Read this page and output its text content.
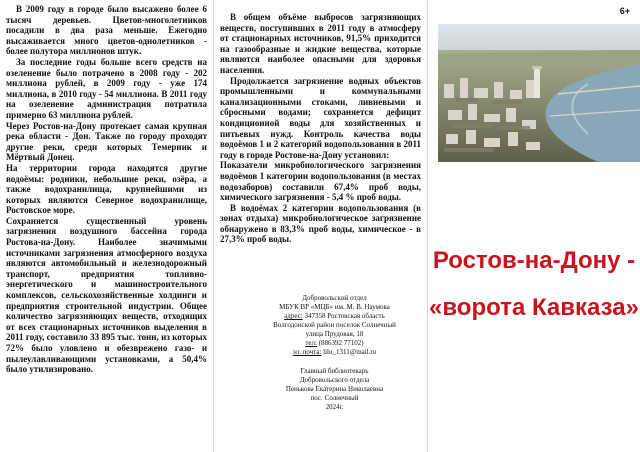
В 2009 году в городе было высажено более 6 тысяч деревьев. Цветов-многолетников посадили в два раза меньше. Ежегодно высаживается много цветов-однолетников - более полутора миллионов штук.

За последние годы больше всего средств на озеленение было потрачено в 2008 году - 202 миллиона рублей, в 2009 году - уже 174 миллиона, в 2010 году - 54 миллиона. В 2011 году на озеленение администрация потратила примерно 63 миллиона рублей.

Через Ростов-на-Дону протекает самая крупная река области - Дон. Также по городу проходят другие реки, среди которых Темерник и Мёртвый Донец.

На территории города находятся другие водоёмы: родники, небольшие реки, озёра, а также водохранилища, крупнейшими из которых являются Северное водохранилище, Ростовское море.

Сохраняется существенный уровень загрязнения воздушного бассейна города Ростова-на-Дону. Наиболее значимыми источниками загрязнения атмосферного воздуха являются автомобильный и железнодорожный транспорт, предприятия топливно-энергетического и машиностроительного комплексов, сельскохозяйственные холдинги и предприятия строительной индустрии. Общее количество загрязняющих веществ, отходящих от всех стационарных источников выделения в 2011 году, составило 33 895 тыс. тонн, из которых 72% было уловлено и обезврежено газо- и пылеулавливающими установками, а 50,4% было утилизировано.

В общем объёме выбросов загрязняющих веществ, поступивших в 2011 году в атмосферу от стационарных источников, 91,5% приходится на газообразные и жидкие вещества, которые являются наиболее опасными для здоровья населения.

Продолжается загрязнение водных объектов промышленными и коммунальными канализационными стоками, ливневыми и сбросными водами; сохраняется дефицит кондиционной воды для хозяйственных и питьевых нужд. Контроль качества воды водоёмов 1 и 2 категорий водопользования в 2011 году в городе Ростове-на-Дону установил:

Показатели микробиологического загрязнения водоёмов 1 категории водопользования (в местах водозаборов) составили 67,4% проб воды, химического загрязнения - 5,4 % проб воды.

В водоёмах 2 категории водопользования (в зонах отдыха) микробиологическое загрязнение обнаружено в 83,3% проб воды, химическое - в 27,3% проб воды.

Добровольский отдел
МБУК ВР «МЦБ» им. М. В. Наумова
адрес: 347358 Ростовская область
Волгодонской район поселок Солнечный
улица Прудовая, 18
тел: (886392 77102)
эл. почта: lilu_1311@mail.ru
Главный библиотекарь
Добровольского отдела
Пенькова Екатерина Николаевна
пос. Солнечный
2024г.
6+
Ростов-на-Дону -
«ворота Кавказа»
